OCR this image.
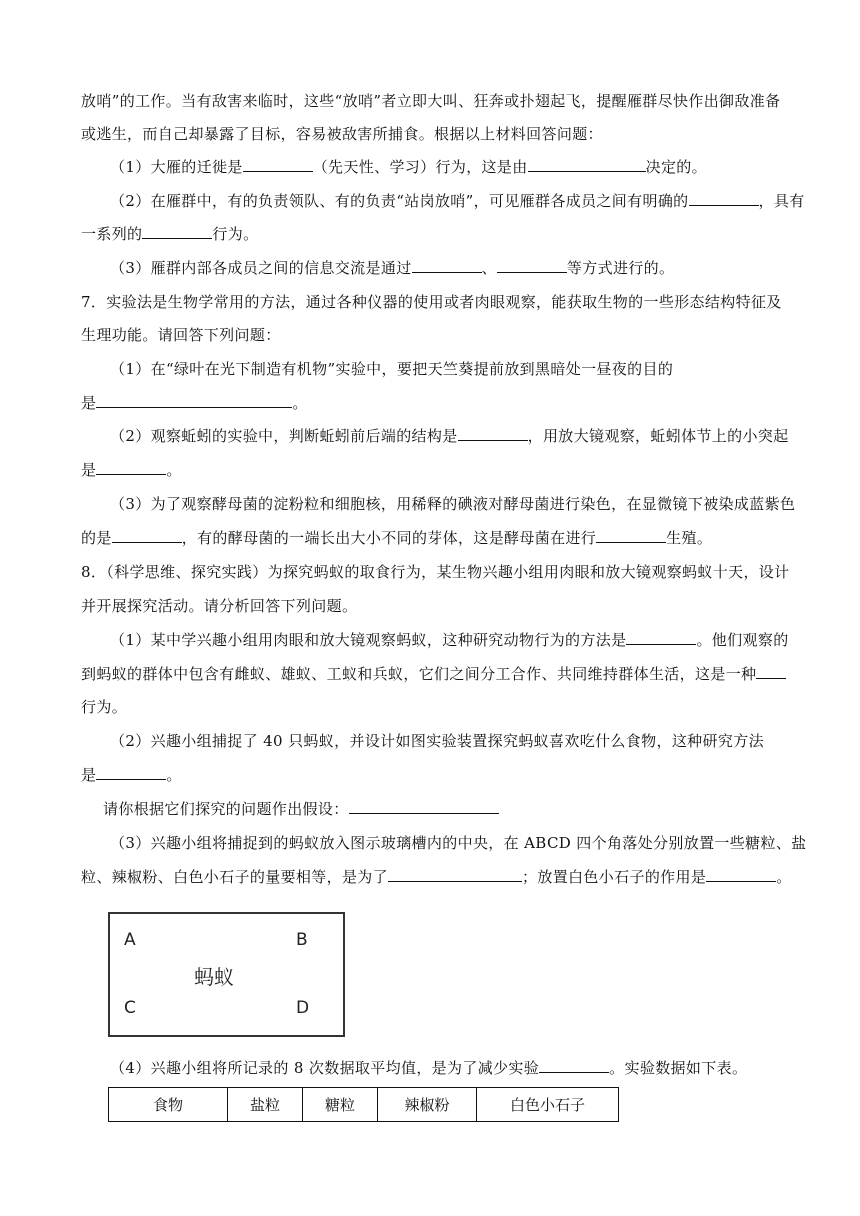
放哨”的工作。当有敌害来临时，这些“放哨”者立即大叫、狂奔或扑翅起飞，提醒雁群尽快作出御敌准备
或逃生，而自己却暴露了目标，容易被敌害所捕食。根据以上材料回答问题：
（1）大雁的迁徙是	（先天性、学习）行为，这是由	决定的。
（2）在雁群中，有的负责领队、有的负责“站岗放哨”，可见雁群各成员之间有明确的	，具有
一系列的	行为。
（3）雁群内部各成员之间的信息交流是通过	、	等方式进行的。
7．实验法是生物学常用的方法，通过各种仪器的使用或者肉眼观察，能获取生物的一些形态结构特征及
生理功能。请回答下列问题：
（1）在“绿叶在光下制造有机物”实验中，要把天竺葵提前放到黑暗处一昼夜的目的
是	。
（2）观察蚯蚓的实验中，判断蚯蚓前后端的结构是	，用放大镜观察，蚯蚓体节上的小突起
是	。
（3）为了观察酵母菌的淀粉粒和细胞核，用稀释的碘液对酵母菌进行染色，在显微镜下被染成蓝紫色
的是	，有的酵母菌的一端长出大小不同的芽体，这是酵母菌在进行	生殖。
8．（科学思维、探究实践）为探究蚂蚁的取食行为，某生物兴趣小组用肉眼和放大镜观察蚂蚁十天，设计
并开展探究活动。请分析回答下列问题。
（1）某中学兴趣小组用肉眼和放大镜观察蚂蚁，这种研究动物行为的方法是	。他们观察的
到蚂蚁的群体中包含有雌蚁、雄蚁、工蚁和兵蚁，它们之间分工合作、共同维持群体生活，这是一种
行为。
（2）兴趣小组捕捉了 40 只蚂蚁，并设计如图实验装置探究蚂蚁喜欢吃什么食物，这种研究方法
是	。
请你根据它们探究的问题作出假设：
（3）兴趣小组将捕捉到的蚂蚁放入图示玻璃槽内的中央，在 ABCD 四个角落处分别放置一些糖粒、盐
粒、辣椒粉、白色小石子的量要相等，是为了	；放置白色小石子的作用是	。
A	B
蚂蚁
C	D
（4）兴趣小组将所记录的 8 次数据取平均值，是为了减少实验	。实验数据如下表。
食物	盐粒	糖粒	辣椒粉	白色小石子
